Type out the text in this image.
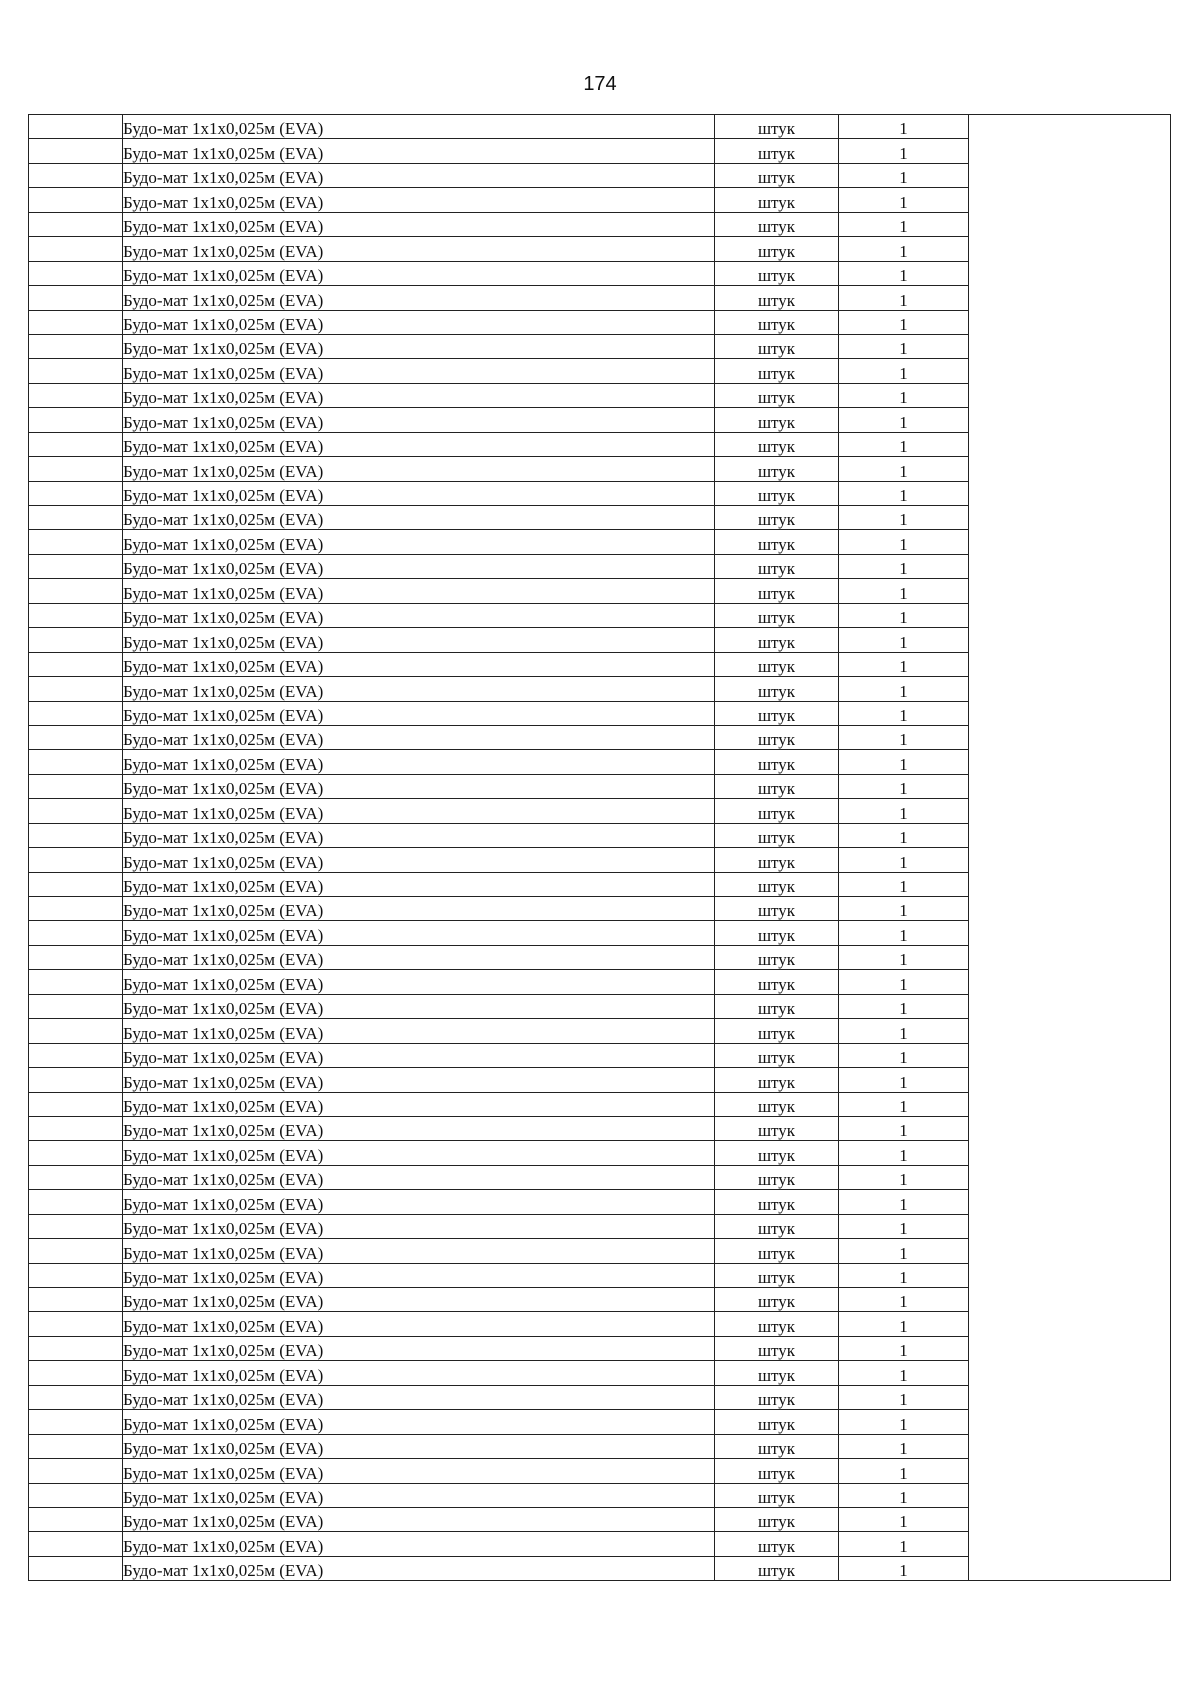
174
	Будо-мат 1x1x0,025м (EVA)	штук	1	
	Будо-мат 1x1x0,025м (EVA)	штук	1	
	Будо-мат 1x1x0,025м (EVA)	штук	1	
	Будо-мат 1x1x0,025м (EVA)	штук	1	
	Будо-мат 1x1x0,025м (EVA)	штук	1	
	Будо-мат 1x1x0,025м (EVA)	штук	1	
	Будо-мат 1x1x0,025м (EVA)	штук	1	
	Будо-мат 1x1x0,025м (EVA)	штук	1	
	Будо-мат 1x1x0,025м (EVA)	штук	1	
	Будо-мат 1x1x0,025м (EVA)	штук	1	
	Будо-мат 1x1x0,025м (EVA)	штук	1	
	Будо-мат 1x1x0,025м (EVA)	штук	1	
	Будо-мат 1x1x0,025м (EVA)	штук	1	
	Будо-мат 1x1x0,025м (EVA)	штук	1	
	Будо-мат 1x1x0,025м (EVA)	штук	1	
	Будо-мат 1x1x0,025м (EVA)	штук	1	
	Будо-мат 1x1x0,025м (EVA)	штук	1	
	Будо-мат 1x1x0,025м (EVA)	штук	1	
	Будо-мат 1x1x0,025м (EVA)	штук	1	
	Будо-мат 1x1x0,025м (EVA)	штук	1	
	Будо-мат 1x1x0,025м (EVA)	штук	1	
	Будо-мат 1x1x0,025м (EVA)	штук	1	
	Будо-мат 1x1x0,025м (EVA)	штук	1	
	Будо-мат 1x1x0,025м (EVA)	штук	1	
	Будо-мат 1x1x0,025м (EVA)	штук	1	
	Будо-мат 1x1x0,025м (EVA)	штук	1	
	Будо-мат 1x1x0,025м (EVA)	штук	1	
	Будо-мат 1x1x0,025м (EVA)	штук	1	
	Будо-мат 1x1x0,025м (EVA)	штук	1	
	Будо-мат 1x1x0,025м (EVA)	штук	1	
	Будо-мат 1x1x0,025м (EVA)	штук	1	
	Будо-мат 1x1x0,025м (EVA)	штук	1	
	Будо-мат 1x1x0,025м (EVA)	штук	1	
	Будо-мат 1x1x0,025м (EVA)	штук	1	
	Будо-мат 1x1x0,025м (EVA)	штук	1	
	Будо-мат 1x1x0,025м (EVA)	штук	1	
	Будо-мат 1x1x0,025м (EVA)	штук	1	
	Будо-мат 1x1x0,025м (EVA)	штук	1	
	Будо-мат 1x1x0,025м (EVA)	штук	1	
	Будо-мат 1x1x0,025м (EVA)	штук	1	
	Будо-мат 1x1x0,025м (EVA)	штук	1	
	Будо-мат 1x1x0,025м (EVA)	штук	1	
	Будо-мат 1x1x0,025м (EVA)	штук	1	
	Будо-мат 1x1x0,025м (EVA)	штук	1	
	Будо-мат 1x1x0,025м (EVA)	штук	1	
	Будо-мат 1x1x0,025м (EVA)	штук	1	
	Будо-мат 1x1x0,025м (EVA)	штук	1	
	Будо-мат 1x1x0,025м (EVA)	штук	1	
	Будо-мат 1x1x0,025м (EVA)	штук	1	
	Будо-мат 1x1x0,025м (EVA)	штук	1	
	Будо-мат 1x1x0,025м (EVA)	штук	1	
	Будо-мат 1x1x0,025м (EVA)	штук	1	
	Будо-мат 1x1x0,025м (EVA)	штук	1	
	Будо-мат 1x1x0,025м (EVA)	штук	1	
	Будо-мат 1x1x0,025м (EVA)	штук	1	
	Будо-мат 1x1x0,025м (EVA)	штук	1	
	Будо-мат 1x1x0,025м (EVA)	штук	1	
	Будо-мат 1x1x0,025м (EVA)	штук	1	
	Будо-мат 1x1x0,025м (EVA)	штук	1	
	Будо-мат 1x1x0,025м (EVA)	штук	1	
